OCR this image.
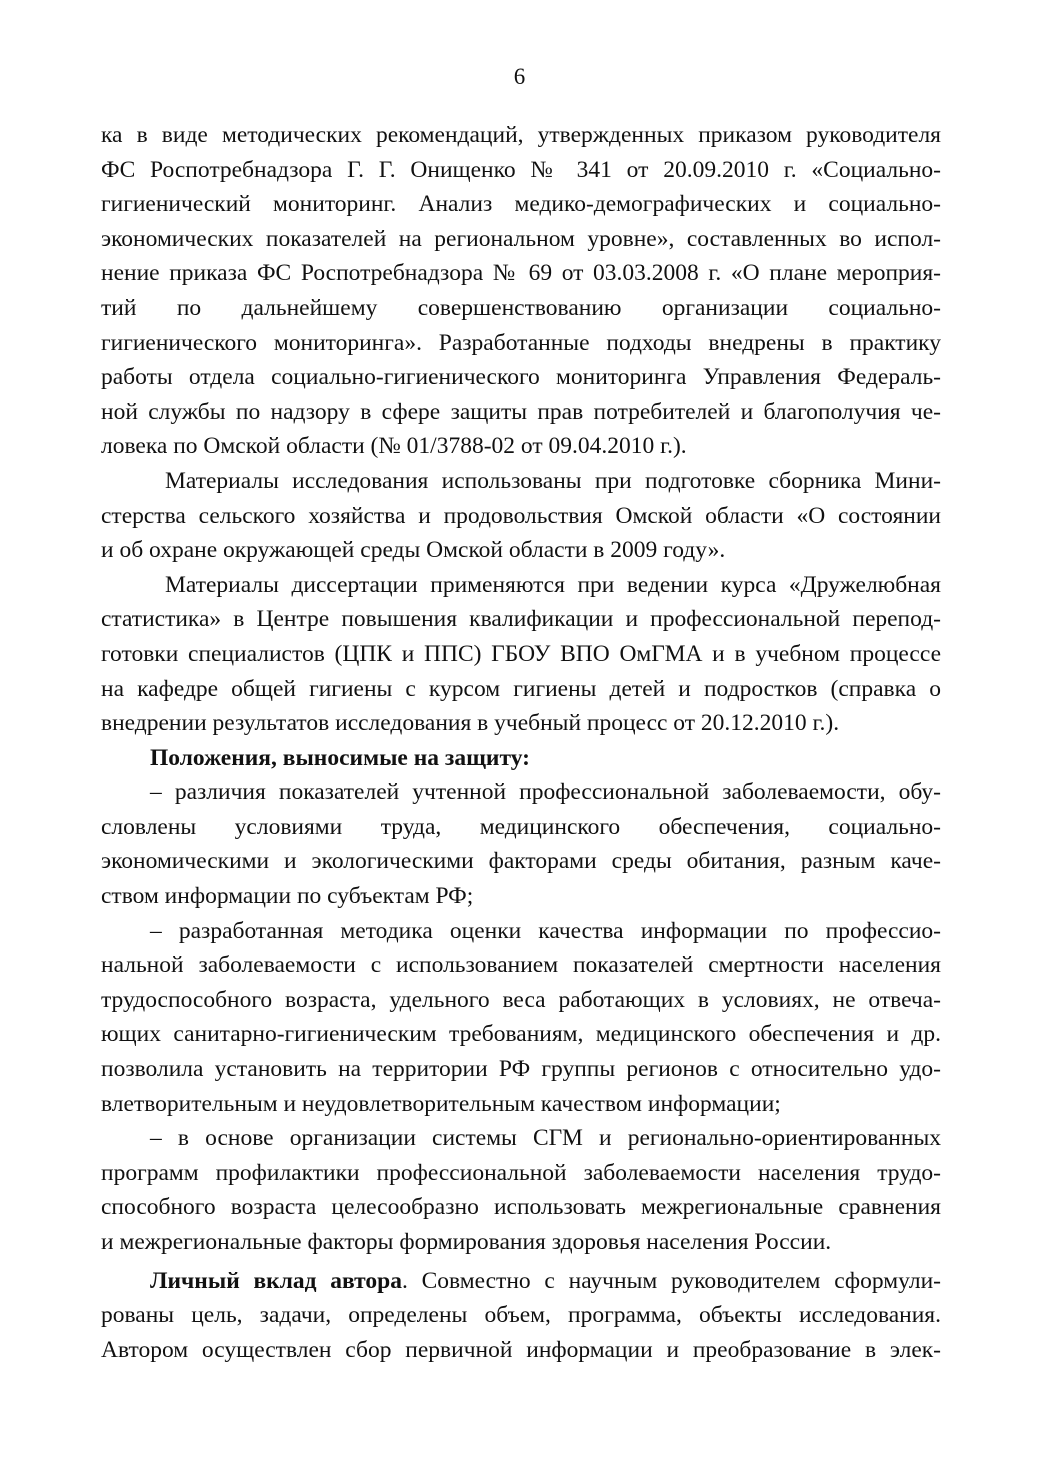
6
ка в виде методических рекомендаций, утвержденных приказом руководителя
ФС Роспотребнадзора Г. Г. Онищенко № 341 от 20.09.2010 г. «Социально-
гигиенический мониторинг. Анализ медико-демографических и социально-
экономических показателей на региональном уровне», составленных во испол-
нение приказа ФС Роспотребнадзора № 69 от 03.03.2008 г. «О плане мероприя-
тий по дальнейшему совершенствованию организации социально-
гигиенического мониторинга». Разработанные подходы внедрены в практику
работы отдела социально-гигиенического мониторинга Управления Федераль-
ной службы по надзору в сфере защиты прав потребителей и благополучия че-
ловека по Омской области (№ 01/3788-02 от 09.04.2010 г.).
Материалы исследования использованы при подготовке сборника Мини-
стерства сельского хозяйства и продовольствия Омской области «О состоянии
и об охране окружающей среды Омской области в 2009 году».
Материалы диссертации применяются при ведении курса «Дружелюбная
статистика» в Центре повышения квалификации и профессиональной перепод-
готовки специалистов (ЦПК и ППС) ГБОУ ВПО ОмГМА и в учебном процессе
на кафедре общей гигиены с курсом гигиены детей и подростков (справка о
внедрении результатов исследования в учебный процесс от 20.12.2010 г.).
Положения, выносимые на защиту:
– различия показателей учтенной профессиональной заболеваемости, обу-
словлены условиями труда, медицинского обеспечения, социально-
экономическими и экологическими факторами среды обитания, разным каче-
ством информации по субъектам РФ;
– разработанная методика оценки качества информации по профессио-
нальной заболеваемости с использованием показателей смертности населения
трудоспособного возраста, удельного веса работающих в условиях, не отвеча-
ющих санитарно-гигиеническим требованиям, медицинского обеспечения и др.
позволила установить на территории РФ группы регионов с относительно удо-
влетворительным и неудовлетворительным качеством информации;
– в основе организации системы СГМ и регионально-ориентированных
программ профилактики профессиональной заболеваемости населения трудо-
способного возраста целесообразно использовать межрегиональные сравнения
и межрегиональные факторы формирования здоровья населения России.
Личный вклад автора. Совместно с научным руководителем сформули-
рованы цель, задачи, определены объем, программа, объекты исследования.
Автором осуществлен сбор первичной информации и преобразование в элек-
